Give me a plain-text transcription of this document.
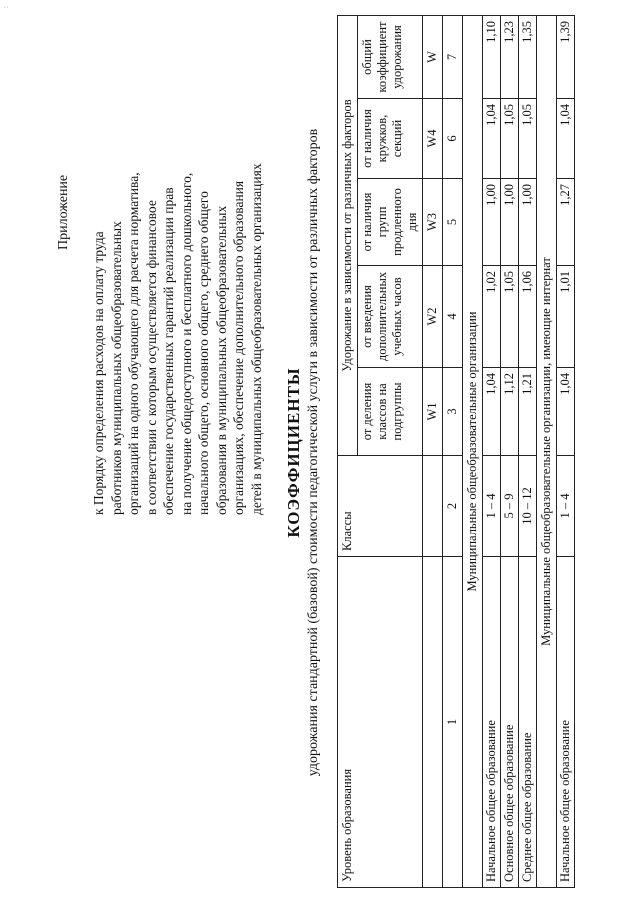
:
Приложение
к Порядку определения расходов на оплату труда работников муниципальных общеобразовательных организаций на одного обучающего для расчета норматива, в соответствии с которым осуществляется финансовое обеспечение государственных гарантий реализации прав на получение общедоступного и бесплатного дошкольного, начального общего, основного общего, среднего общего образования в муниципальных общеобразовательных организациях, обеспечение дополнительного образования детей в муниципальных общеобразовательных организациях КОЭФФИЦИЕНТЫ удорожания стандартной (базовой) стоимости педагогической услуги в зависимости от различных факторов
Уровень образования	Классы	Удорожание в зависимости от различных факторов				
		от деления классов на подгруппы	от введения дополнительных учебных часов	от наличия групп продленного дня	от наличия кружков, секций	общий коэффициент удорожания
		W1	W2	W3	W4	W
1	2	3	4	5	6	7
Муниципальные общеобразовательные организации						
Начальное общее образование	1 – 4	1,04	1,02	1,00	1,04	1,10
Основное общее образование	5 – 9	1,12	1,05	1,00	1,05	1,23
Среднее общее образование	10 – 12	1,21	1,06	1,00	1,05	1,35
Муниципальные общеобразовательные организации, имеющие интернат						
Начальное общее образование	1 – 4	1,04	1,01	1,27	1,04	1,39
